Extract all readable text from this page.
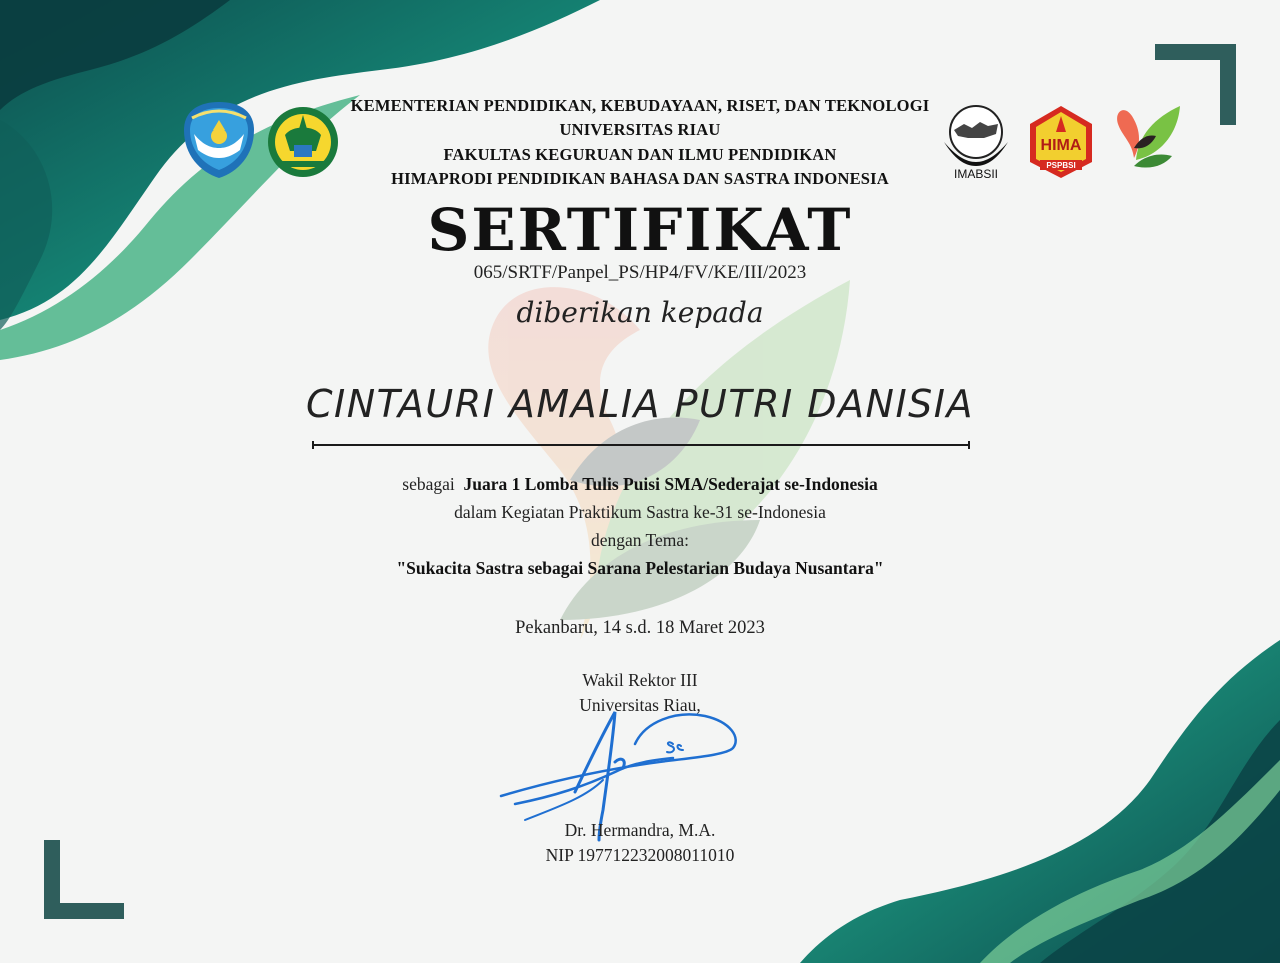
IMABSII
HIMA
PSPBSI
KEMENTERIAN PENDIDIKAN, KEBUDAYAAN, RISET, DAN TEKNOLOGI
UNIVERSITAS RIAU
FAKULTAS KEGURUAN DAN ILMU PENDIDIKAN
HIMAPRODI PENDIDIKAN BAHASA DAN SASTRA INDONESIA
SERTIFIKAT
065/SRTF/Panpel_PS/HP4/FV/KE/III/2023
diberikan kepada
CINTAURI AMALIA PUTRI DANISIA
sebagai Juara 1 Lomba Tulis Puisi SMA/Sederajat se-Indonesia
dalam Kegiatan Praktikum Sastra ke-31 se-Indonesia
dengan Tema:
"Sukacita Sastra sebagai Sarana Pelestarian Budaya Nusantara"
Pekanbaru, 14 s.d. 18 Maret 2023
Wakil Rektor III
Universitas Riau,
Dr. Hermandra, M.A.
NIP 197712232008011010
